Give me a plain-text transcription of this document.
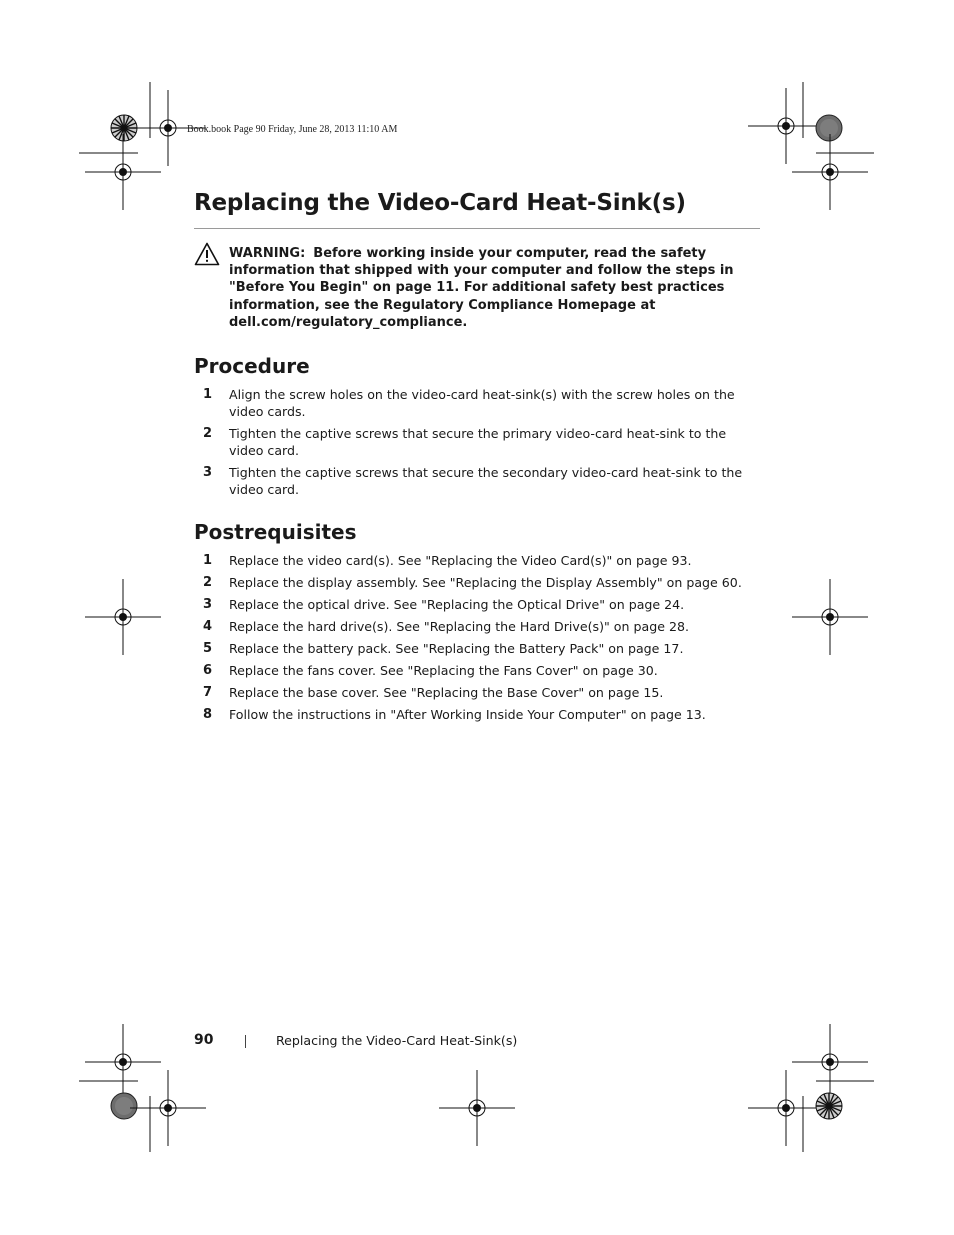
Book.book Page 90 Friday, June 28, 2013 11:10 AM
Replacing the Video-Card Heat-Sink(s)
WARNING: Before working inside your computer, read the safety information that shipped with your computer and follow the steps in "Before You Begin" on page 11. For additional safety best practices information, see the Regulatory Compliance Homepage at dell.com/regulatory_compliance.
Procedure
1 Align the screw holes on the video-card heat-sink(s) with the screw holes on the video cards.
2 Tighten the captive screws that secure the primary video-card heat-sink to the video card.
3 Tighten the captive screws that secure the secondary video-card heat-sink to the video card.
Postrequisites
1 Replace the video card(s). See "Replacing the Video Card(s)" on page 93.
2 Replace the display assembly. See "Replacing the Display Assembly" on page 60.
3 Replace the optical drive. See "Replacing the Optical Drive" on page 24.
4 Replace the hard drive(s). See "Replacing the Hard Drive(s)" on page 28.
5 Replace the battery pack. See "Replacing the Battery Pack" on page 17.
6 Replace the fans cover. See "Replacing the Fans Cover" on page 30.
7 Replace the base cover. See "Replacing the Base Cover" on page 15.
8 Follow the instructions in "After Working Inside Your Computer" on page 13.
90	Replacing the Video-Card Heat-Sink(s)
